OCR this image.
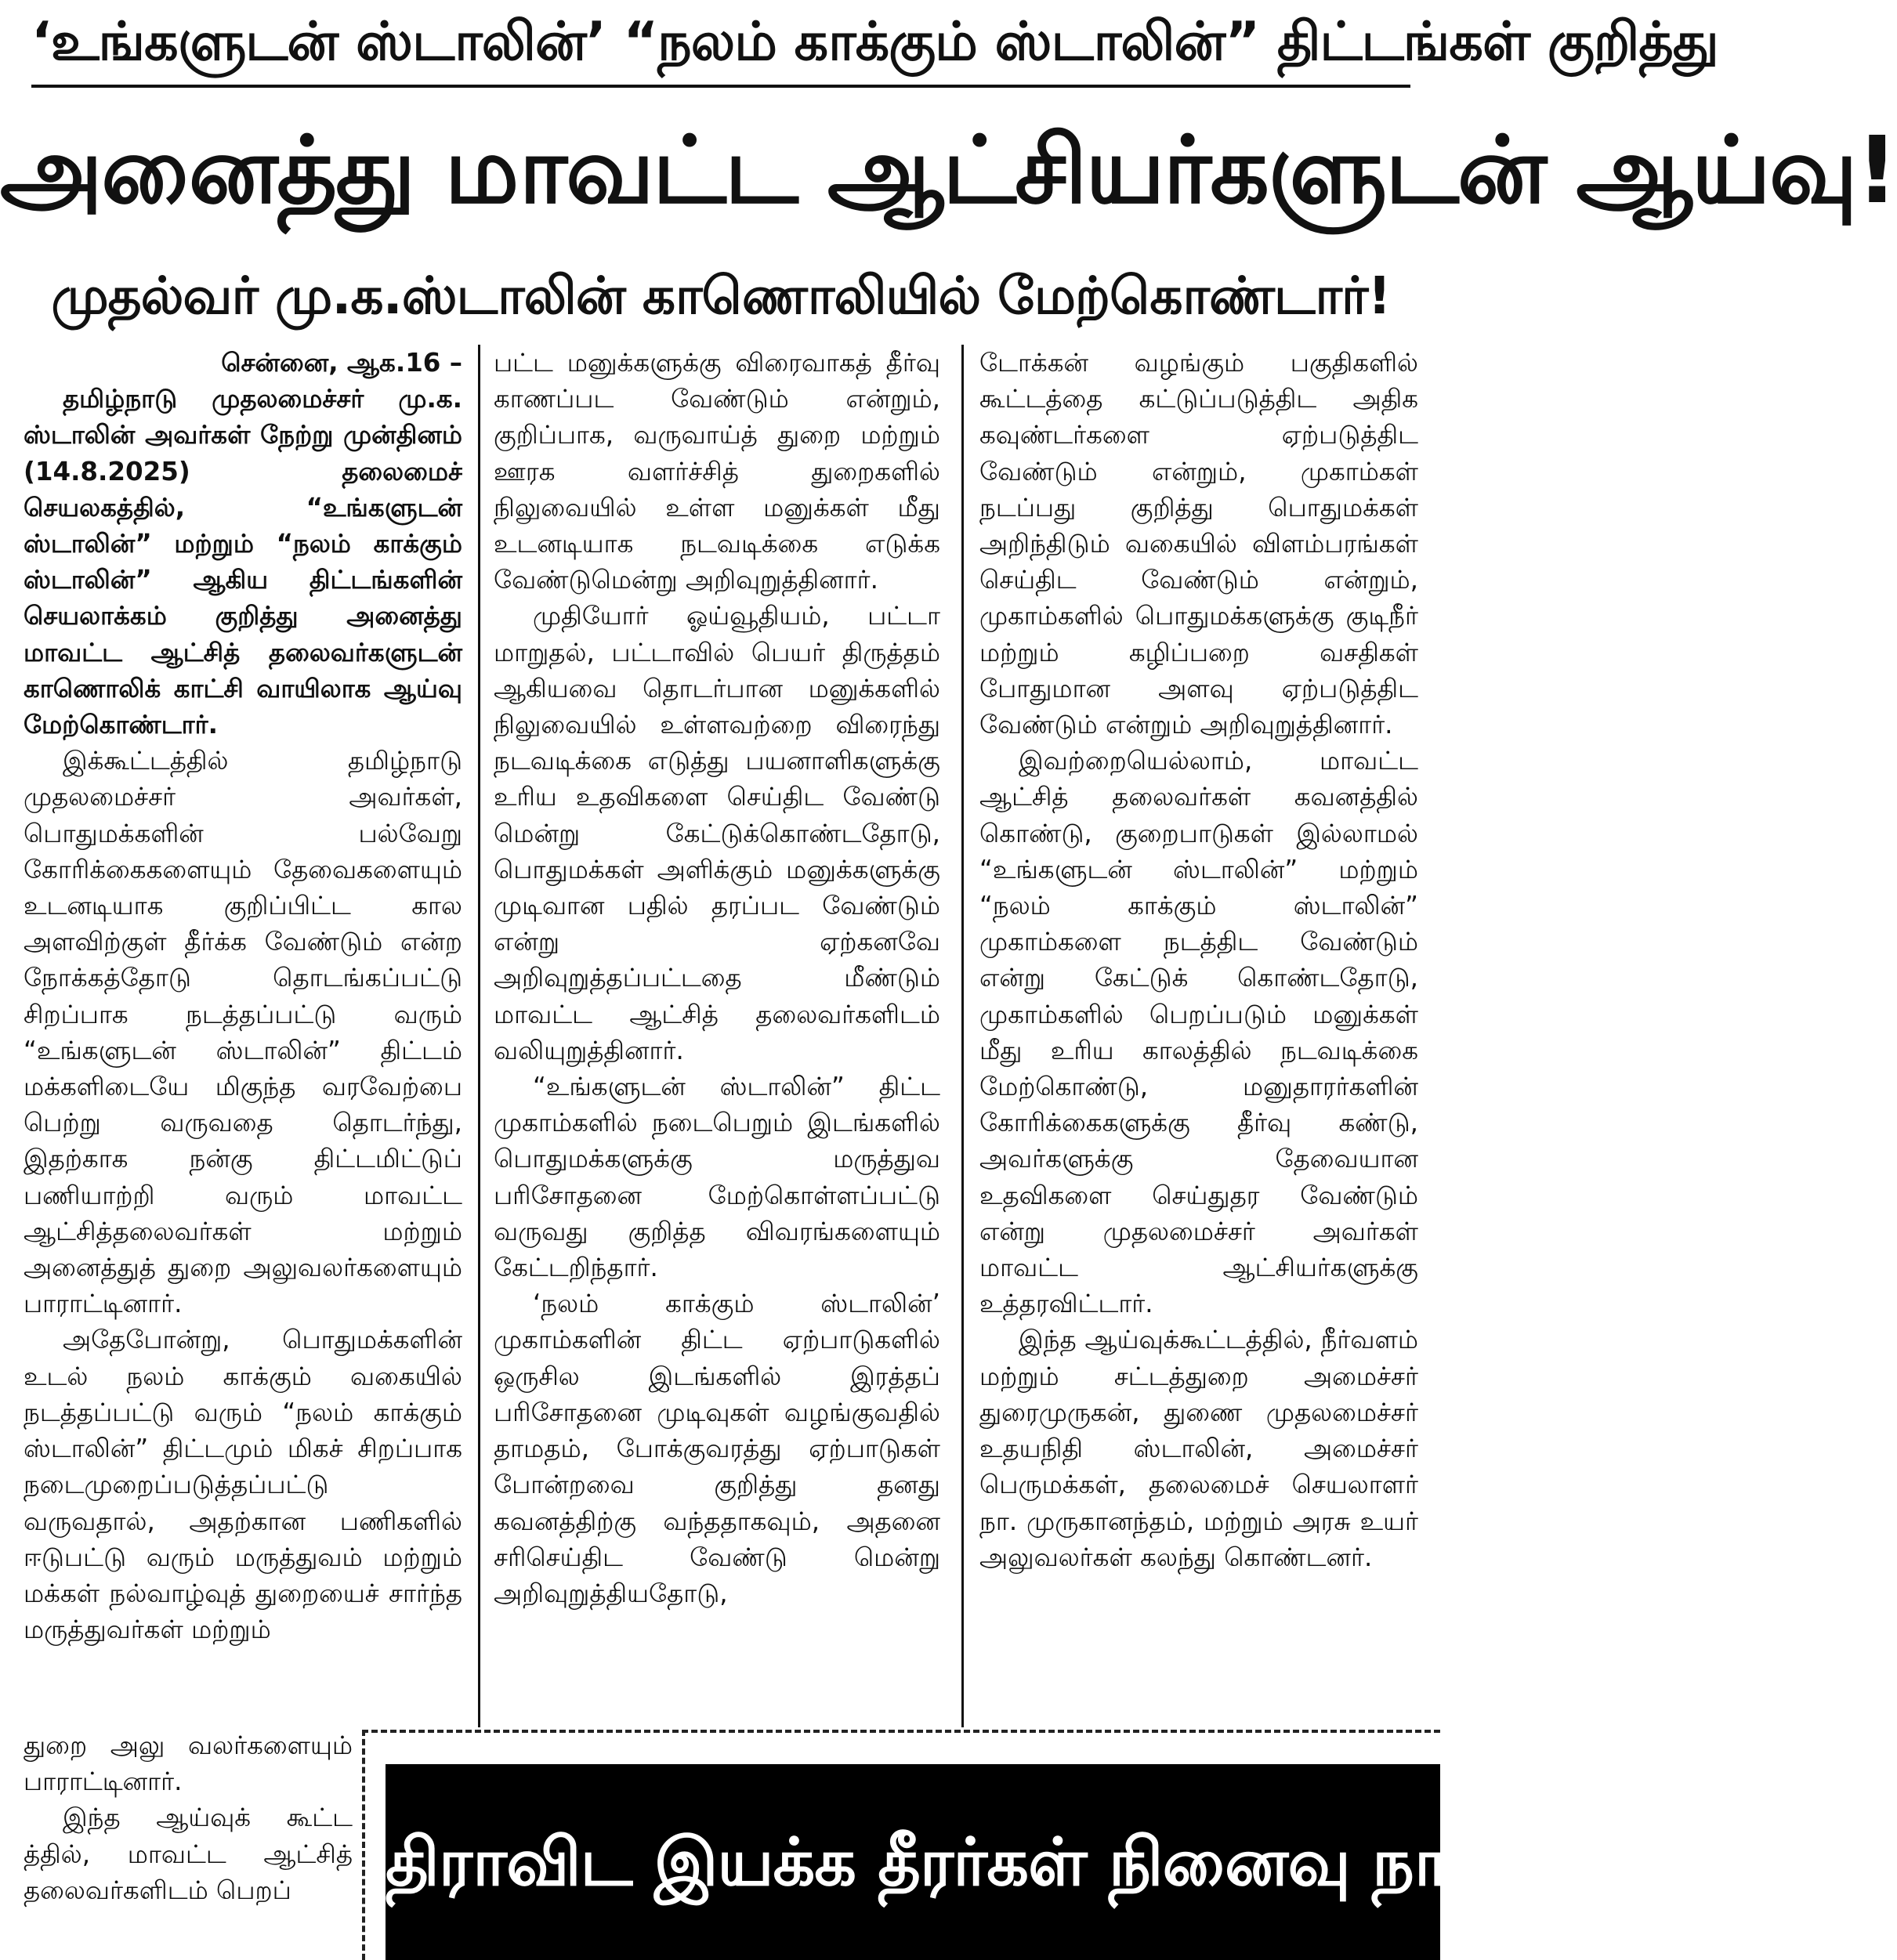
‘உங்களுடன் ஸ்டாலின்’ “நலம் காக்கும் ஸ்டாலின்” திட்டங்கள் குறித்து
அனைத்து மாவட்ட ஆட்சியர்களுடன் ஆய்வு!
முதல்வர் மு.க.ஸ்டாலின் காணொலியில் மேற்கொண்டார்!

சென்னை, ஆக.16 –

தமிழ்நாடு முதலமைச்சர் மு.க. ஸ்டாலின் அவர்கள் நேற்று முன்தினம் (14.8.2025) தலைமைச் செயலகத்தில், “உங்களுடன் ஸ்டாலின்” மற்றும் “நலம் காக்கும் ஸ்டாலின்” ஆகிய திட்டங்களின் செயலாக்கம் குறித்து அனைத்து மாவட்ட ஆட்சித் தலைவர்களுடன் காணொலிக் காட்சி வாயிலாக ஆய்வு மேற்கொண்டார்.

இக்கூட்டத்தில் தமிழ்நாடு முதலமைச்சர் அவர்கள், பொதுமக்களின் பல்வேறு கோரிக்கைகளையும் தேவைகளையும் உடனடியாக குறிப்பிட்ட கால அளவிற்குள் தீர்க்க வேண்டும் என்ற நோக்கத்தோடு தொடங்கப்பட்டு சிறப்பாக நடத்தப்பட்டு வரும் “உங்களுடன் ஸ்டாலின்” திட்டம் மக்களிடையே மிகுந்த வரவேற்பை பெற்று வருவதை தொடர்ந்து, இதற்காக நன்கு திட்டமிட்டுப் பணியாற்றி வரும் மாவட்ட ஆட்சித்தலைவர்கள் மற்றும் அனைத்துத் துறை அலுவலர்களையும் பாராட்டினார்.

அதேபோன்று, பொதுமக்களின் உடல் நலம் காக்கும் வகையில் நடத்தப்பட்டு வரும் “நலம் காக்கும் ஸ்டாலின்” திட்டமும் மிகச் சிறப்பாக நடைமுறைப்படுத்தப்பட்டு வருவதால், அதற்கான பணிகளில் ஈடுபட்டு வரும் மருத்துவம் மற்றும் மக்கள் நல்வாழ்வுத் துறையைச் சார்ந்த மருத்துவர்கள் மற்றும்

துறை அலு வலர்களையும் பாராட்டினார்.

இந்த ஆய்வுக் கூட்ட த்தில், மாவட்ட ஆட்சித் தலைவர்களிடம் பெறப்

பட்ட மனுக்களுக்கு விரைவாகத் தீர்வு காணப்பட வேண்டும் என்றும், குறிப்பாக, வருவாய்த் துறை மற்றும் ஊரக வளர்ச்சித் துறைகளில் நிலுவையில் உள்ள மனுக்கள் மீது உடனடியாக நடவடிக்கை எடுக்க வேண்டுமென்று அறிவுறுத்தினார்.

முதியோர் ஓய்வூதியம், பட்டா மாறுதல், பட்டாவில் பெயர் திருத்தம் ஆகியவை தொடர்பான மனுக்களில் நிலுவையில் உள்ளவற்றை விரைந்து நடவடிக்கை எடுத்து பயனாளிகளுக்கு உரிய உதவிகளை செய்திட வேண்டு மென்று கேட்டுக்கொண்டதோடு, பொதுமக்கள் அளிக்கும் மனுக்களுக்கு முடிவான பதில் தரப்பட வேண்டும் என்று ஏற்கனவே அறிவுறுத்தப்பட்டதை மீண்டும் மாவட்ட ஆட்சித் தலைவர்களிடம் வலியுறுத்தினார்.

“உங்களுடன் ஸ்டாலின்” திட்ட முகாம்களில் நடைபெறும் இடங்களில் பொதுமக்களுக்கு மருத்துவ பரிசோதனை மேற்கொள்ளப்பட்டு வருவது குறித்த விவரங்களையும் கேட்டறிந்தார்.

‘நலம் காக்கும் ஸ்டாலின்’ முகாம்களின் திட்ட ஏற்பாடுகளில் ஒருசில இடங்களில் இரத்தப் பரிசோதனை முடிவுகள் வழங்குவதில் தாமதம், போக்குவரத்து ஏற்பாடுகள் போன்றவை குறித்து தனது கவனத்திற்கு வந்ததாகவும், அதனை சரிசெய்திட வேண்டு மென்று அறிவுறுத்தியதோடு,

டோக்கன் வழங்கும் பகுதிகளில் கூட்டத்தை கட்டுப்படுத்திட அதிக கவுண்டர்களை ஏற்படுத்திட வேண்டும் என்றும், முகாம்கள் நடப்பது குறித்து பொதுமக்கள் அறிந்திடும் வகையில் விளம்பரங்கள் செய்திட வேண்டும் என்றும், முகாம்களில் பொதுமக்களுக்கு குடிநீர் மற்றும் கழிப்பறை வசதிகள் போதுமான அளவு ஏற்படுத்திட வேண்டும் என்றும் அறிவுறுத்தினார்.

இவற்றையெல்லாம், மாவட்ட ஆட்சித் தலைவர்கள் கவனத்தில் கொண்டு, குறைபாடுகள் இல்லாமல் “உங்களுடன் ஸ்டாலின்” மற்றும் “நலம் காக்கும் ஸ்டாலின்” முகாம்களை நடத்திட வேண்டும் என்று கேட்டுக் கொண்டதோடு, முகாம்களில் பெறப்படும் மனுக்கள் மீது உரிய காலத்தில் நடவடிக்கை மேற்கொண்டு, மனுதாரர்களின் கோரிக்கைகளுக்கு தீர்வு கண்டு, அவர்களுக்கு தேவையான உதவிகளை செய்துதர வேண்டும் என்று முதலமைச்சர் அவர்கள் மாவட்ட ஆட்சியர்களுக்கு உத்தரவிட்டார்.

இந்த ஆய்வுக்கூட்டத்தில், நீர்வளம் மற்றும் சட்டத்துறை அமைச்சர் துரைமுருகன், துணை முதலமைச்சர் உதயநிதி ஸ்டாலின், அமைச்சர் பெருமக்கள், தலைமைச் செயலாளர் நா. முருகானந்தம், மற்றும் அரசு உயர் அலுவலர்கள் கலந்து கொண்டனர்.

திராவிட இயக்க தீரர்கள் நினைவு நாள்
